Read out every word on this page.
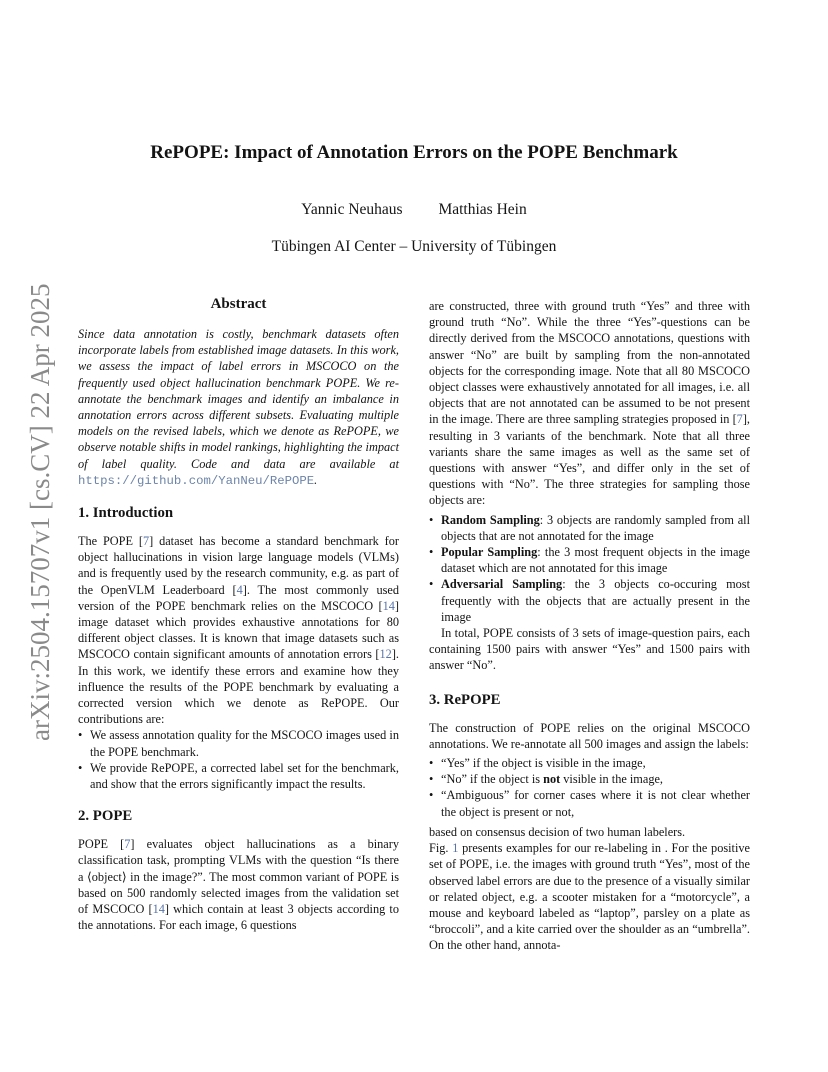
arXiv:2504.15707v1 [cs.CV] 22 Apr 2025
RePOPE: Impact of Annotation Errors on the POPE Benchmark
Yannic Neuhaus Matthias Hein
Tübingen AI Center – University of Tübingen
Abstract

Since data annotation is costly, benchmark datasets often incorporate labels from established image datasets. In this work, we assess the impact of label errors in MSCOCO on the frequently used object hallucination benchmark POPE. We re-annotate the benchmark images and identify an imbalance in annotation errors across different subsets. Evaluating multiple models on the revised labels, which we denote as RePOPE, we observe notable shifts in model rankings, highlighting the impact of label quality. Code and data are available at https://github.com/YanNeu/RePOPE.

1. Introduction

The POPE [7] dataset has become a standard benchmark for object hallucinations in vision large language models (VLMs) and is frequently used by the research community, e.g. as part of the OpenVLM Leaderboard [4]. The most commonly used version of the POPE benchmark relies on the MSCOCO [14] image dataset which provides exhaustive annotations for 80 different object classes. It is known that image datasets such as MSCOCO contain significant amounts of annotation errors [12]. In this work, we identify these errors and examine how they influence the results of the POPE benchmark by evaluating a corrected version which we denote as RePOPE. Our contributions are:

• We assess annotation quality for the MSCOCO images used in the POPE benchmark.
• We provide RePOPE, a corrected label set for the benchmark, and show that the errors significantly impact the results.
2. POPE

POPE [7] evaluates object hallucinations as a binary classification task, prompting VLMs with the question “Is there a ⟨object⟩ in the image?”. The most common variant of POPE is based on 500 randomly selected images from the validation set of MSCOCO [14] which contain at least 3 objects according to the annotations. For each image, 6 questions

are constructed, three with ground truth “Yes” and three with ground truth “No”. While the three “Yes”-questions can be directly derived from the MSCOCO annotations, questions with answer “No” are built by sampling from the non-annotated objects for the corresponding image. Note that all 80 MSCOCO object classes were exhaustively annotated for all images, i.e. all objects that are not annotated can be assumed to be not present in the image. There are three sampling strategies proposed in [7], resulting in 3 variants of the benchmark. Note that all three variants share the same images as well as the same set of questions with answer “Yes”, and differ only in the set of questions with “No”. The three strategies for sampling those objects are:

• Random Sampling: 3 objects are randomly sampled from all objects that are not annotated for the image
• Popular Sampling: the 3 most frequent objects in the image dataset which are not annotated for this image
• Adversarial Sampling: the 3 objects co-occuring most frequently with the objects that are actually present in the image

In total, POPE consists of 3 sets of image-question pairs, each containing 1500 pairs with answer “Yes” and 1500 pairs with answer “No”.

3. RePOPE

The construction of POPE relies on the original MSCOCO annotations. We re-annotate all 500 images and assign the labels:

• “Yes” if the object is visible in the image,
• “No” if the object is not visible in the image,
• “Ambiguous” for corner cases where it is not clear whether the object is present or not,

based on consensus decision of two human labelers.

Fig. 1 presents examples for our re-labeling in . For the positive set of POPE, i.e. the images with ground truth “Yes”, most of the observed label errors are due to the presence of a visually similar or related object, e.g. a scooter mistaken for a “motorcycle”, a mouse and keyboard labeled as “laptop”, parsley on a plate as “broccoli”, and a kite carried over the shoulder as an “umbrella”. On the other hand, annota-
